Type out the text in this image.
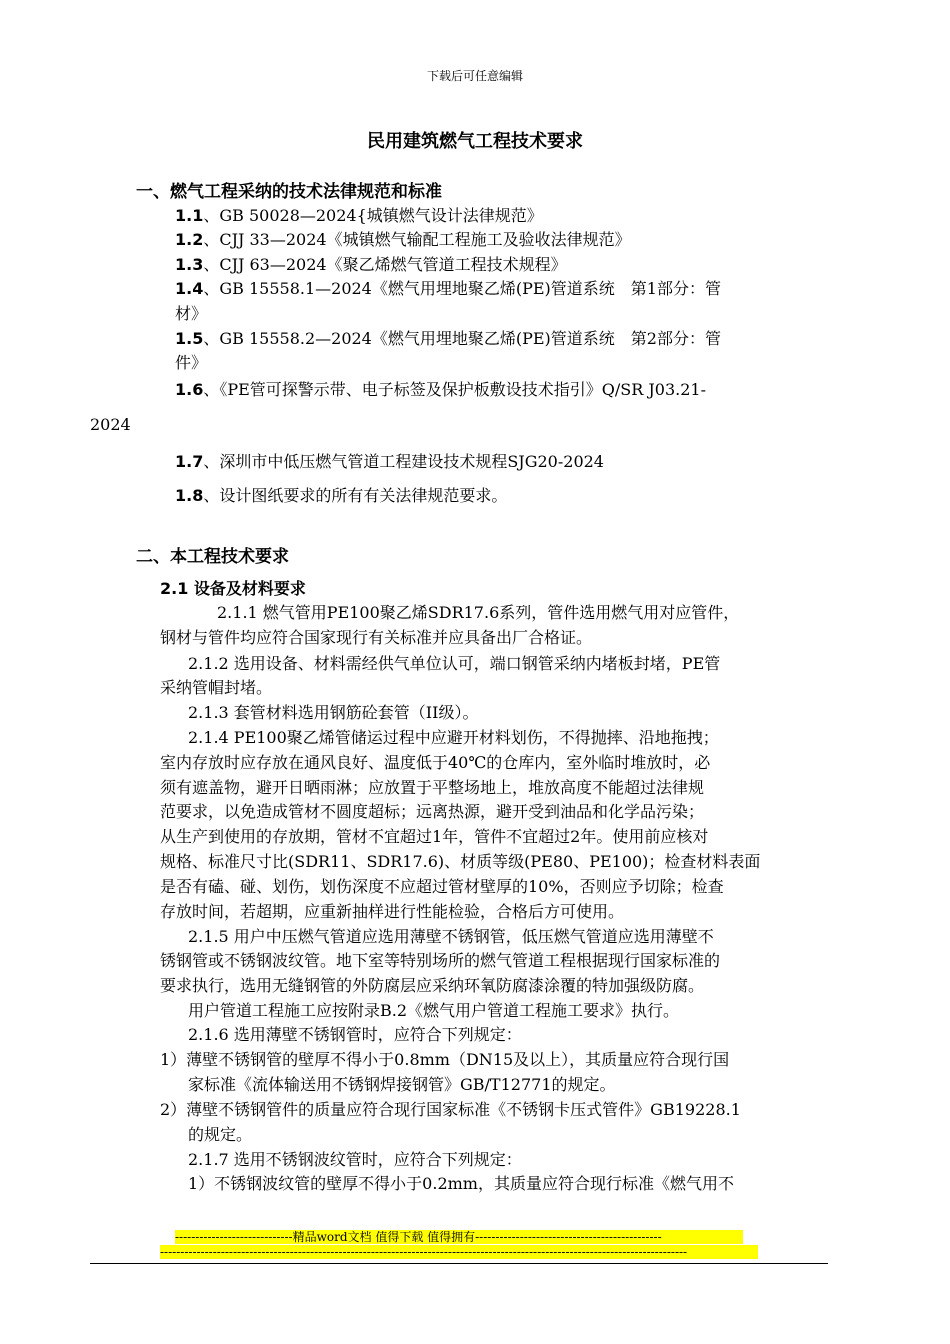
下载后可任意编辑
民用建筑燃气工程技术要求
一、燃气工程采纳的技术法律规范和标准
1.1、GB 50028—2024{城镇燃气设计法律规范》
1.2、CJJ 33—2024《城镇燃气输配工程施工及验收法律规范》
1.3、CJJ 63—2024《聚乙烯燃气管道工程技术规程》
1.4、GB 15558.1—2024《燃气用埋地聚乙烯(PE)管道系统　第1部分：管
材》
1.5、GB 15558.2—2024《燃气用埋地聚乙烯(PE)管道系统　第2部分：管
件》
1.6、《PE管可探警示带、电子标签及保护板敷设技术指引》Q/SR J03.21-
2024
1.7、深圳市中低压燃气管道工程建设技术规程SJG20-2024
1.8、设计图纸要求的所有有关法律规范要求。
二、本工程技术要求
2.1 设备及材料要求
2.1.1 燃气管用PE100聚乙烯SDR17.6系列，管件选用燃气用对应管件，
钢材与管件均应符合国家现行有关标准并应具备出厂合格证。
2.1.2 选用设备、材料需经供气单位认可，端口钢管采纳内堵板封堵，PE管
采纳管帽封堵。
2.1.3 套管材料选用钢筋砼套管（II级）。
2.1.4 PE100聚乙烯管储运过程中应避开材料划伤，不得抛摔、沿地拖拽；
室内存放时应存放在通风良好、温度低于40℃的仓库内，室外临时堆放时，必
须有遮盖物，避开日晒雨淋；应放置于平整场地上，堆放高度不能超过法律规
范要求，以免造成管材不圆度超标；远离热源，避开受到油品和化学品污染；
从生产到使用的存放期，管材不宜超过1年，管件不宜超过2年。使用前应核对
规格、标准尺寸比(SDR11、SDR17.6)、材质等级(PE80、PE100)；检查材料表面
是否有磕、碰、划伤，划伤深度不应超过管材壁厚的10%，否则应予切除；检查
存放时间，若超期，应重新抽样进行性能检验，合格后方可使用。
2.1.5 用户中压燃气管道应选用薄壁不锈钢管，低压燃气管道应选用薄壁不
锈钢管或不锈钢波纹管。地下室等特别场所的燃气管道工程根据现行国家标准的
要求执行，选用无缝钢管的外防腐层应采纳环氧防腐漆涂覆的特加强级防腐。
用户管道工程施工应按附录B.2《燃气用户管道工程施工要求》执行。
2.1.6 选用薄壁不锈钢管时，应符合下列规定：
1）薄壁不锈钢管的壁厚不得小于0.8mm（DN15及以上），其质量应符合现行国
家标准《流体输送用不锈钢焊接钢管》GB/T12771的规定。
2）薄壁不锈钢管件的质量应符合现行国家标准《不锈钢卡压式管件》GB19228.1
的规定。
2.1.7 选用不锈钢波纹管时，应符合下列规定：
1）不锈钢波纹管的壁厚不得小于0.2mm，其质量应符合现行标准《燃气用不
-----------------------------精品word文档 值得下载 值得拥有----------------------------------------------
----------------------------------------------------------------------------------------------------------------------------------
